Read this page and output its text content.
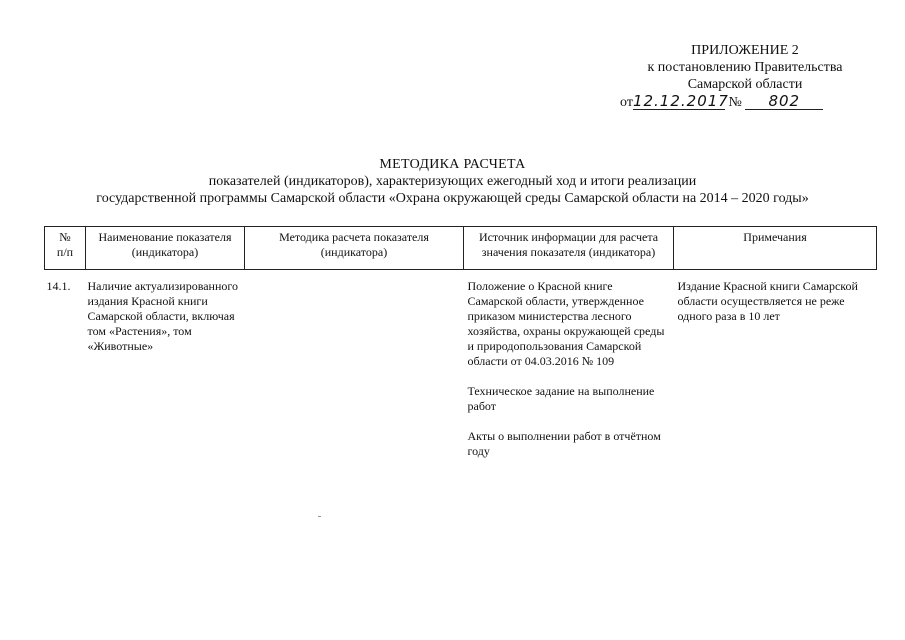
ПРИЛОЖЕНИЕ 2
к постановлению Правительства
Самарской области
от12.12.2017 № 802
МЕТОДИКА РАСЧЕТА
показателей (индикаторов), характеризующих ежегодный ход и итоги реализации
государственной программы Самарской области «Охрана окружающей среды Самарской области на 2014 – 2020 годы»
№
п/п	Наименование показателя (индикатора)	Методика расчета показателя (индикатора)	Источник информации для расчета значения показателя (индикатора)	Примечания
14.1.	Наличие актуализированного издания Красной книги Самарской области, включая том «Растения», том «Животные»		Положение о Красной книге Самарской области, утвержденное приказом министерства лесного хозяйства, охраны окружающей среды и природопользования Самарской области от 04.03.2016 № 109
Техническое задание на выполнение работ
Акты о выполнении работ в отчётном году	Издание Красной книги Самарской области осуществляется не реже одного раза в 10 лет
